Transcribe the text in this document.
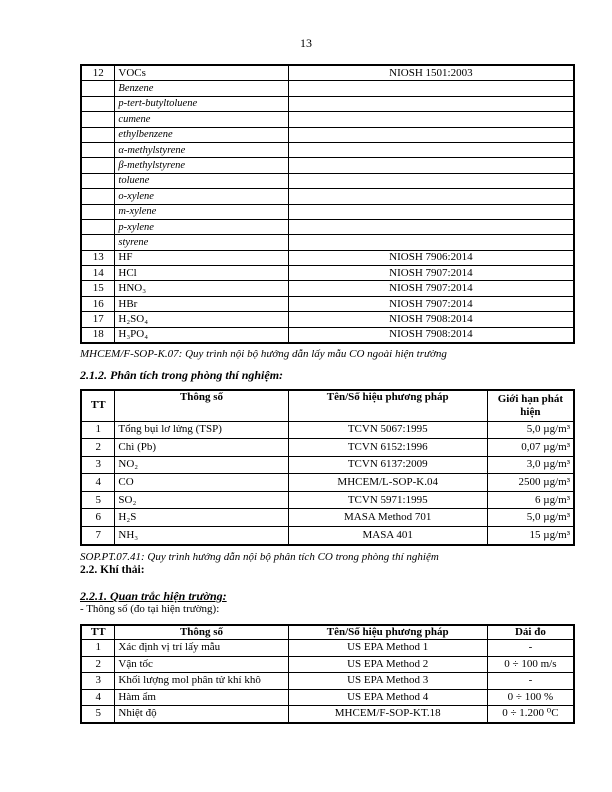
13
12	VOCs	NIOSH 1501:2003
	Benzene	
	p-tert-butyltoluene	
	cumene	
	ethylbenzene	
	α-methylstyrene	
	β-methylstyrene	
	toluene	
	o-xylene	
	m-xylene	
	p-xylene	
	styrene	
13	HF	NIOSH 7906:2014
14	HCl	NIOSH 7907:2014
15	HNO₃	NIOSH 7907:2014
16	HBr	NIOSH 7907:2014
17	H₂SO₄	NIOSH 7908:2014
18	H₃PO₄	NIOSH 7908:2014
MHCEM/F-SOP-K.07: Quy trình nội bộ hướng dẫn lấy mẫu CO ngoài hiện trường
2.1.2. Phân tích trong phòng thí nghiệm:
TT	Thông số	Tên/Số hiệu phương pháp	Giới hạn phát hiện
1	Tổng bụi lơ lửng (TSP)	TCVN 5067:1995	5,0 µg/m³
2	Chì (Pb)	TCVN 6152:1996	0,07 µg/m³
3	NO₂	TCVN 6137:2009	3,0 µg/m³
4	CO	MHCEM/L-SOP-K.04	2500 µg/m³
5	SO₂	TCVN 5971:1995	6 µg/m³
6	H₂S	MASA Method 701	5,0 µg/m³
7	NH₃	MASA 401	15 µg/m³
SOP.PT.07.41: Quy trình hướng dẫn nội bộ phân tích CO trong phòng thí nghiệm
2.2. Khí thải:
2.2.1. Quan trắc hiện trường:
- Thông số (đo tại hiện trường):
TT	Thông số	Tên/Số hiệu phương pháp	Dải đo
1	Xác định vị trí lấy mẫu	US EPA Method 1	-
2	Vận tốc	US EPA Method 2	0 ÷ 100 m/s
3	Khối lượng mol phân tử khí khô	US EPA Method 3	-
4	Hàm ẩm	US EPA Method 4	0 ÷ 100 %
5	Nhiệt độ	MHCEM/F-SOP-KT.18	0 ÷ 1.200 ⁰C
